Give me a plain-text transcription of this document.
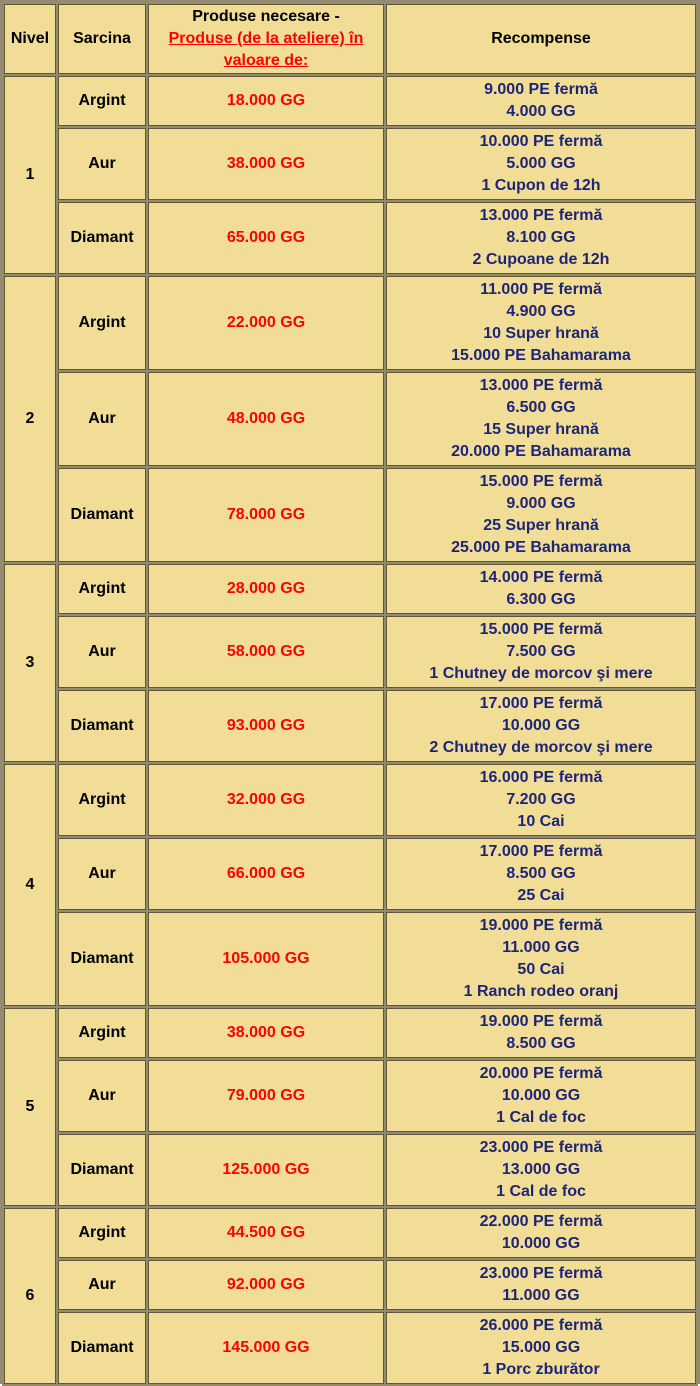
Nivel	Sarcina	Produse necesare -
Produse (de la ateliere) în valoare de:	Recompense
1	Argint	18.000 GG	9.000 PE fermă
4.000 GG

	Aur	38.000 GG	10.000 PE fermă
5.000 GG
1 Cupon de 12h

	Diamant	65.000 GG	13.000 PE fermă
8.100 GG
2 Cupoane de 12h

2	Argint	22.000 GG	11.000 PE fermă
4.900 GG
10 Super hrană
15.000 PE Bahamarama

	Aur	48.000 GG	13.000 PE fermă
6.500 GG
15 Super hrană
20.000 PE Bahamarama

	Diamant	78.000 GG	15.000 PE fermă
9.000 GG
25 Super hrană
25.000 PE Bahamarama

3	Argint	28.000 GG	14.000 PE fermă
6.300 GG

	Aur	58.000 GG	15.000 PE fermă
7.500 GG
1 Chutney de morcov şi mere

	Diamant	93.000 GG	17.000 PE fermă
10.000 GG
2 Chutney de morcov şi mere

4	Argint	32.000 GG	16.000 PE fermă
7.200 GG
10 Cai

	Aur	66.000 GG	17.000 PE fermă
8.500 GG
25 Cai

	Diamant	105.000 GG	19.000 PE fermă
11.000 GG
50 Cai
1 Ranch rodeo oranj

5	Argint	38.000 GG	19.000 PE fermă
8.500 GG

	Aur	79.000 GG	20.000 PE fermă
10.000 GG
1 Cal de foc

	Diamant	125.000 GG	23.000 PE fermă
13.000 GG
1 Cal de foc

6	Argint	44.500 GG	22.000 PE fermă
10.000 GG

	Aur	92.000 GG	23.000 PE fermă
11.000 GG

	Diamant	145.000 GG	26.000 PE fermă
15.000 GG
1 Porc zburător
